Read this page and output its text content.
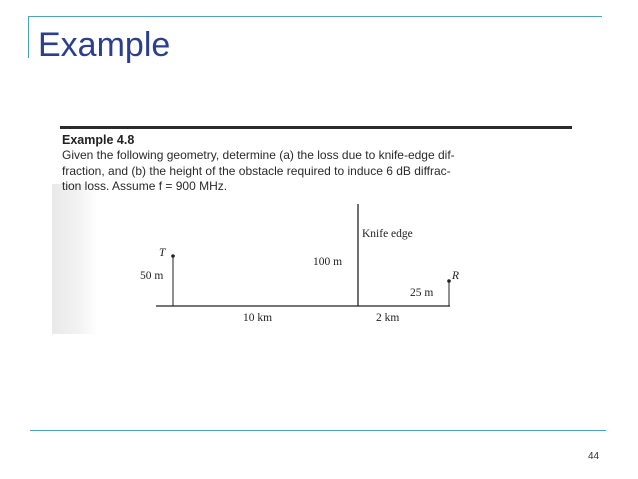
Example
Example 4.8
Given the following geometry, determine (a) the loss due to knife-edge dif-
fraction, and (b) the height of the obstacle required to induce 6 dB diffrac-
tion loss. Assume f = 900 MHz.
T
50 m
Knife edge
100 m
R
25 m
10 km	2 km
44
